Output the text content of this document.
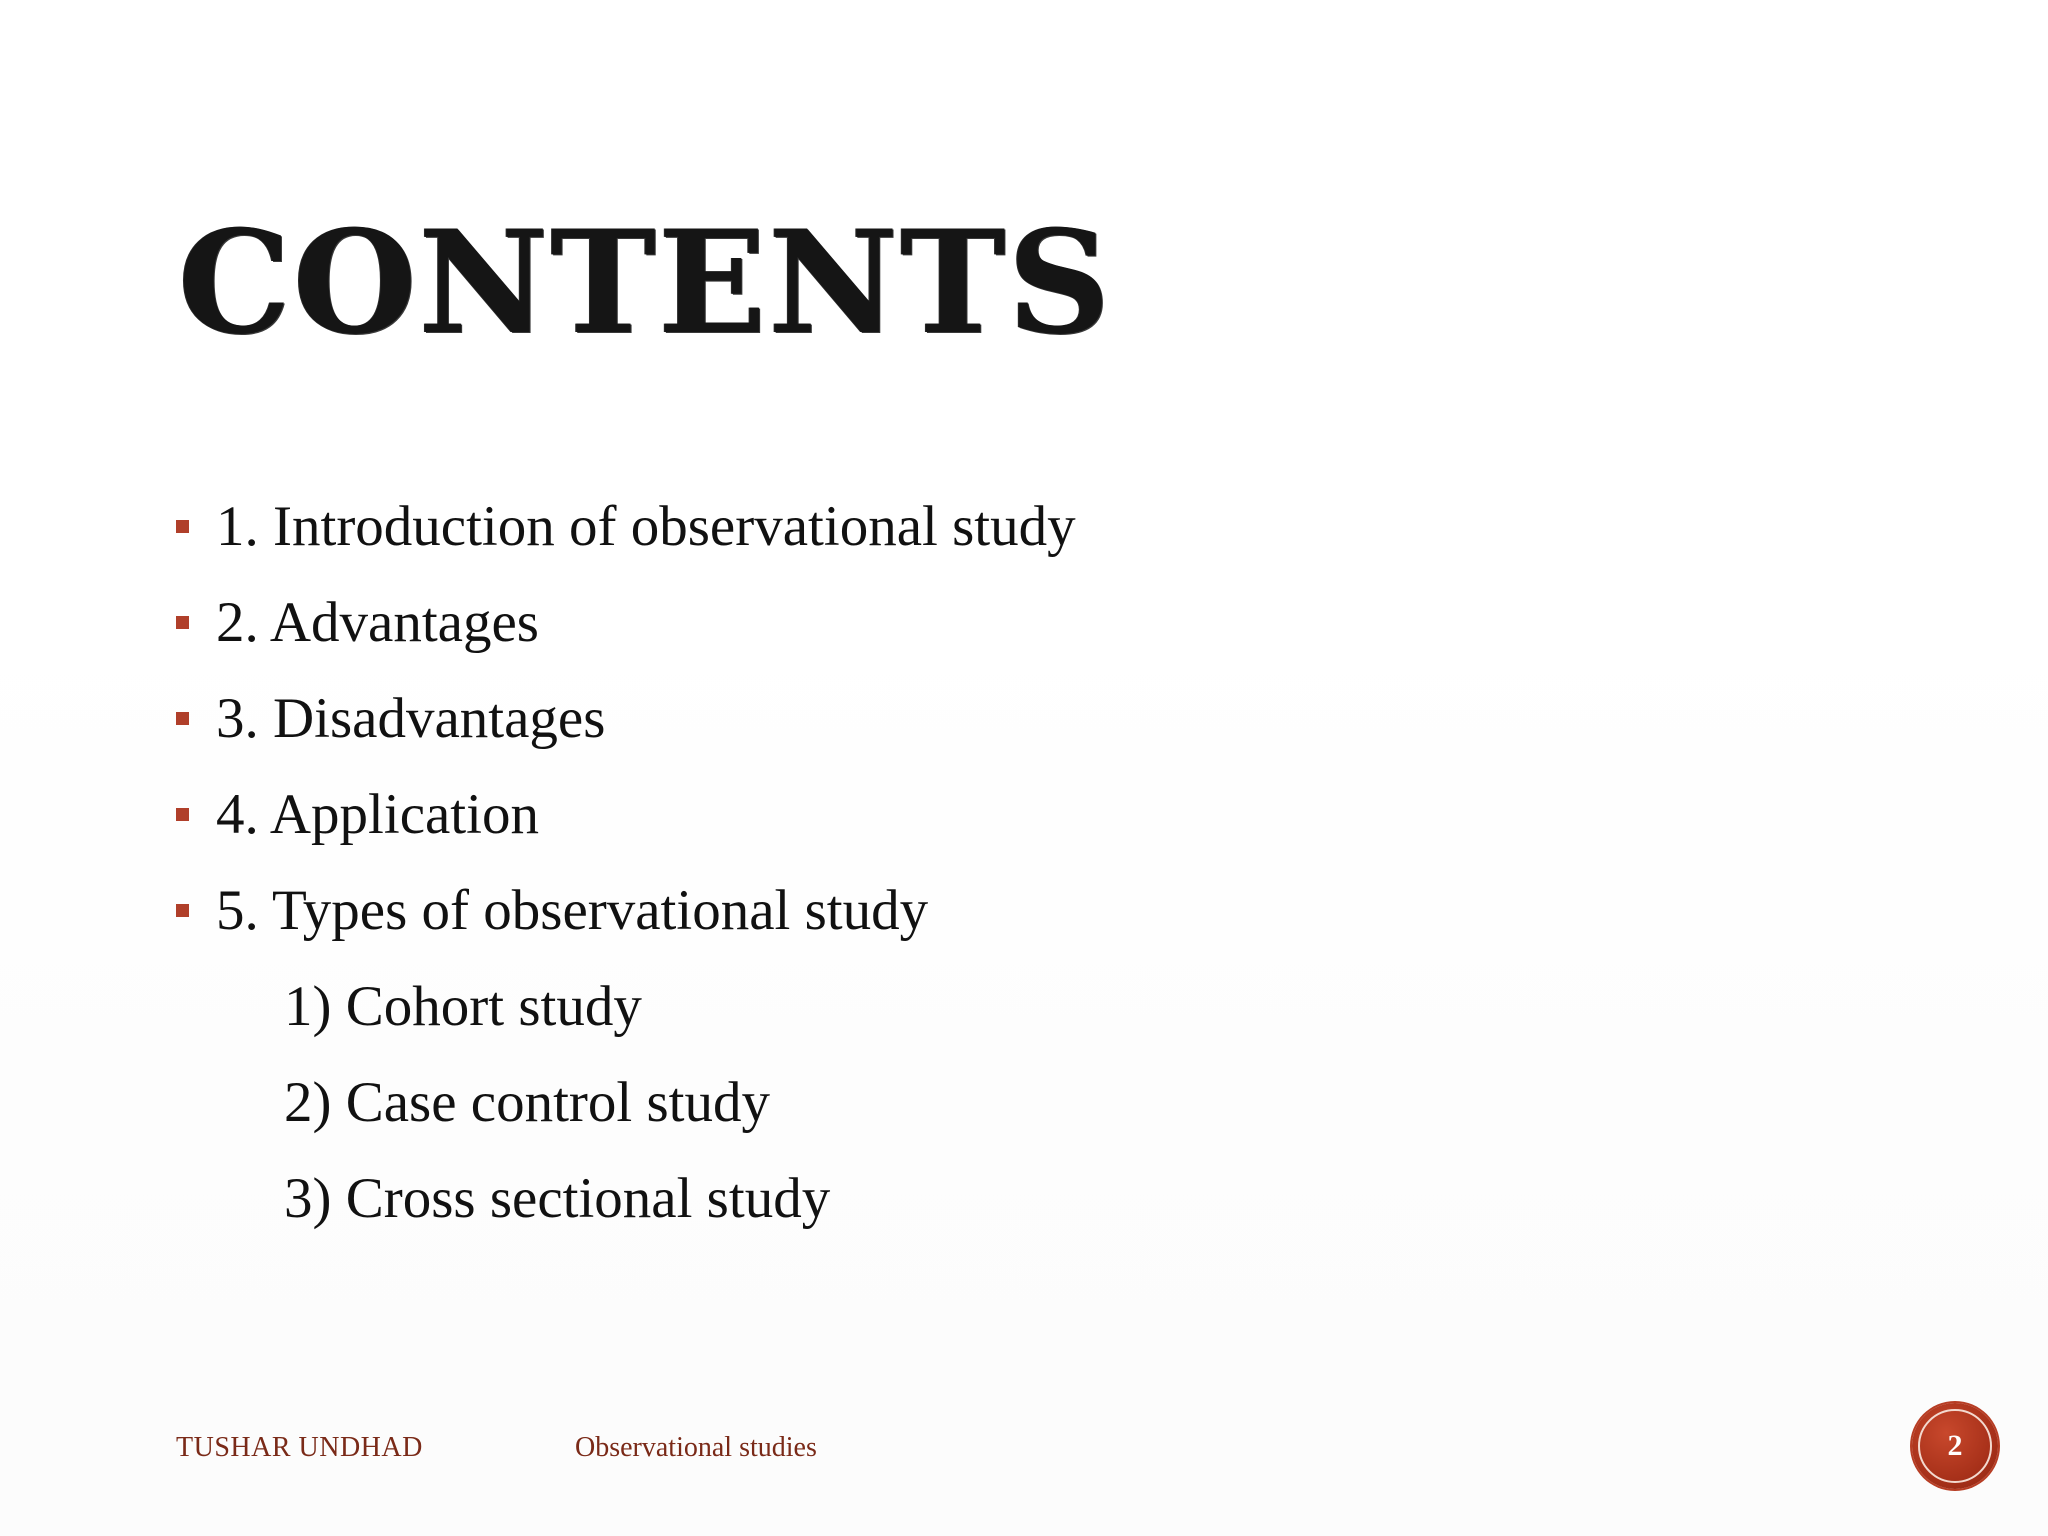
CONTENTS
1. Introduction of observational study
2. Advantages
3. Disadvantages
4. Application
5. Types of observational study
1) Cohort study
2) Case control study
3) Cross sectional study
TUSHAR UNDHAD	Observational studies	2
